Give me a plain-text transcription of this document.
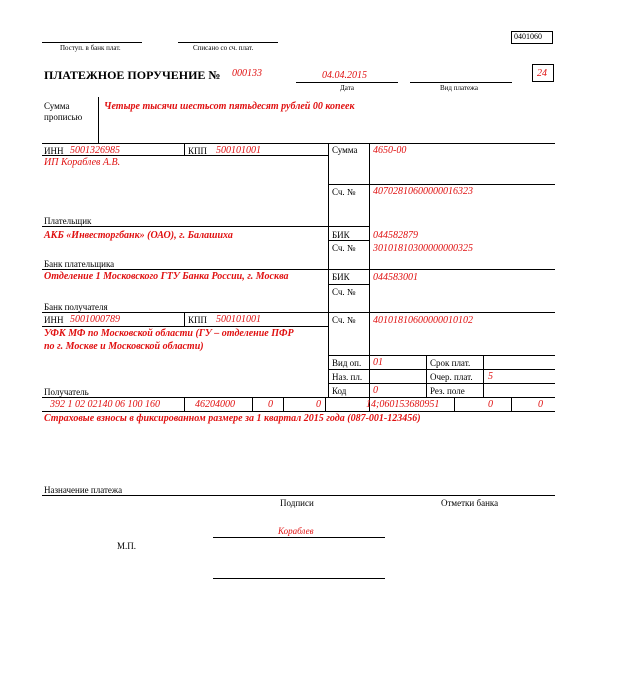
0401060
Поступ. в банк плат.	Списано со сч. плат.
ПЛАТЕЖНОЕ ПОРУЧЕНИЕ № 000133	04.04.2015
Дата	Вид платежа
24
Сумма
прописью
Четыре тысячи шестьсот пятьдесят рублей 00 копеек
ИНН 5001326985	КПП 500101001
ИП Кораблев А.В.
Плательщик
Сумма 4650-00
Сч. № 40702810600000016323
АКБ «Инвесторгбанк» (ОАО), г. Балашиха
Банк плательщика
БИК 044582879
Сч. № 30101810300000000325
Отделение 1 Московского ГТУ Банка России, г. Москва
Банк получателя
БИК 044583001
Сч. №
ИНН 5001000789	КПП 500101001	Сч. № 40101810600000010102
УФК МФ по Московской области (ГУ – отделение ПФР
по г. Москве и Московской области)
Получатель
Вид оп. 01
Наз. пл.
Код	0
Срок плат.
Очер. плат. 5
Рез. поле
392 1 02 02140 06 100 160	46204000	0	0	14;060153680951	0	0
Страховые взносы в фиксированном размере за 1 квартал 2015 года (087-001-123456)
Назначение платежа
Подписи	Отметки банка
М.П.
Кораблев
